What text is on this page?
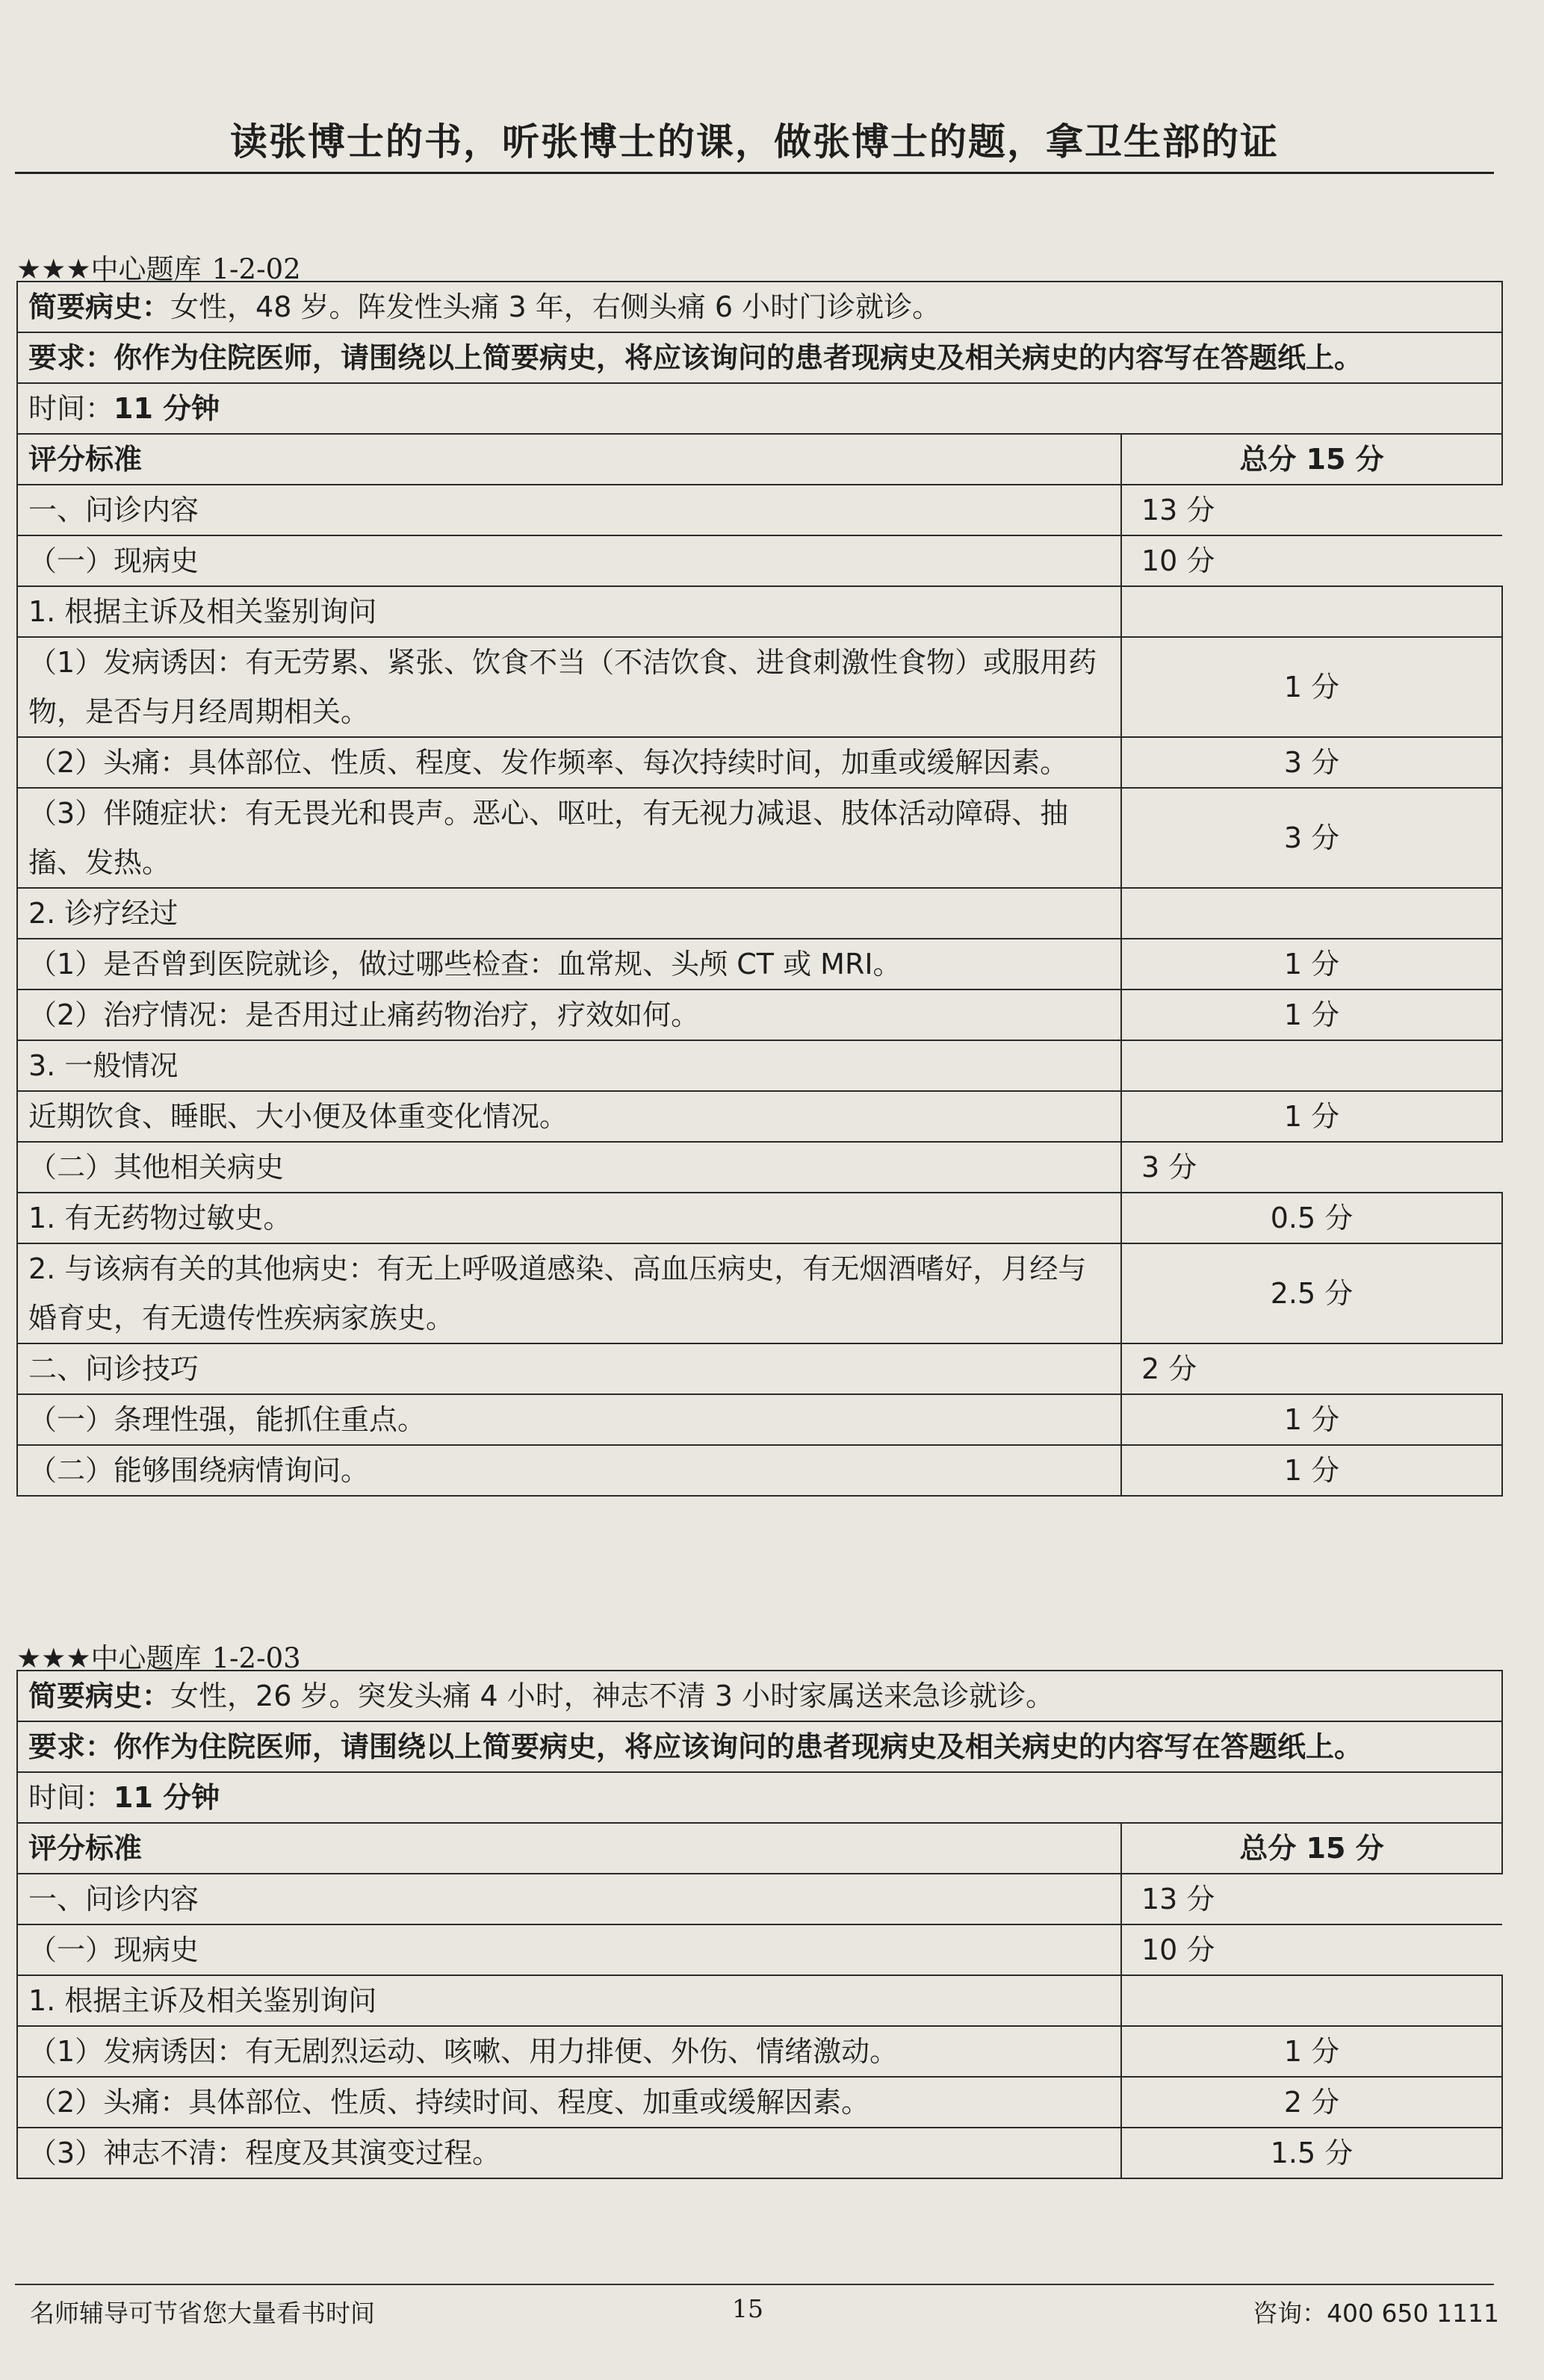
读张博士的书，听张博士的课，做张博士的题，拿卫生部的证
★★★中心题库 1-2-02
简要病史：女性，48 岁。阵发性头痛 3 年，右侧头痛 6 小时门诊就诊。	
要求：你作为住院医师，请围绕以上简要病史，将应该询问的患者现病史及相关病史的内容写在答题纸上。	
时间：11 分钟	
评分标准	总分 15 分
一、问诊内容	13 分
（一）现病史	10 分
1. 根据主诉及相关鉴别询问	
（1）发病诱因：有无劳累、紧张、饮食不当（不洁饮食、进食刺激性食物）或服用药物，是否与月经周期相关。	1 分
（2）头痛：具体部位、性质、程度、发作频率、每次持续时间，加重或缓解因素。	3 分
（3）伴随症状：有无畏光和畏声。恶心、呕吐，有无视力减退、肢体活动障碍、抽搐、发热。	3 分
2. 诊疗经过	
（1）是否曾到医院就诊，做过哪些检查：血常规、头颅 CT 或 MRI。	1 分
（2）治疗情况：是否用过止痛药物治疗，疗效如何。	1 分
3. 一般情况	
近期饮食、睡眠、大小便及体重变化情况。	1 分
（二）其他相关病史	3 分
1. 有无药物过敏史。	0.5 分
2. 与该病有关的其他病史：有无上呼吸道感染、高血压病史，有无烟酒嗜好，月经与婚育史，有无遗传性疾病家族史。	2.5 分
二、问诊技巧	2 分
（一）条理性强，能抓住重点。	1 分
（二）能够围绕病情询问。	1 分
★★★中心题库 1-2-03
简要病史：女性，26 岁。突发头痛 4 小时，神志不清 3 小时家属送来急诊就诊。	
要求：你作为住院医师，请围绕以上简要病史，将应该询问的患者现病史及相关病史的内容写在答题纸上。	
时间：11 分钟	
评分标准	总分 15 分
一、问诊内容	13 分
（一）现病史	10 分
1. 根据主诉及相关鉴别询问	
（1）发病诱因：有无剧烈运动、咳嗽、用力排便、外伤、情绪激动。	1 分
（2）头痛：具体部位、性质、持续时间、程度、加重或缓解因素。	2 分
（3）神志不清：程度及其演变过程。	1.5 分
名师辅导可节省您大量看书时间	15	咨询：400 650 1111
